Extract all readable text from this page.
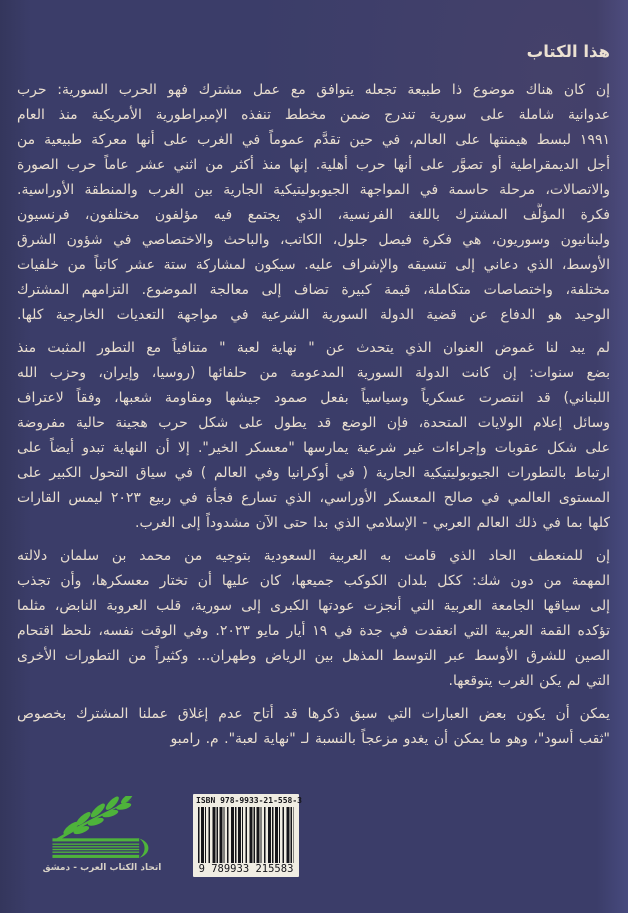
هذا الكتاب
إن كان هناك موضوع ذا طبيعة تجعله يتوافق مع عمل مشترك فهو الحرب السورية: حرب
عدوانية شاملة على سورية تندرج ضمن مخطط تنفذه الإمبراطورية الأمريكية منذ العام
١٩٩١ لبسط هيمنتها على العالم، في حين تقدَّم عموماً في الغرب على أنها معركة طبيعية من
أجل الديمقراطية أو تصوَّر على أنها حرب أهلية. إنها منذ أكثر من اثني عشر عاماً حرب الصورة
والاتصالات، مرحلة حاسمة في المواجهة الجيوبوليتيكية الجارية بين الغرب والمنطقة الأوراسية.
فكرة المؤلَّف المشترك باللغة الفرنسية، الذي يجتمع فيه مؤلفون مختلفون، فرنسيون
ولبنانيون وسوريون، هي فكرة فيصل جلول، الكاتب، والباحث والاختصاصي في شؤون الشرق
الأوسط، الذي دعاني إلى تنسيقه والإشراف عليه. سيكون لمشاركة ستة عشر كاتباً من خلفيات
مختلفة، واختصاصات متكاملة، قيمة كبيرة تضاف إلى معالجة الموضوع. التزامهم المشترك
الوحيد هو الدفاع عن قضية الدولة السورية الشرعية في مواجهة التعديات الخارجية كلها.
لم يبد لنا غموض العنوان الذي يتحدث عن " نهاية لعبة " متنافياً مع التطور المثبت منذ
بضع سنوات: إن كانت الدولة السورية المدعومة من حلفائها (روسيا، وإيران، وحزب الله
اللبناني) قد انتصرت عسكرياً وسياسياً بفعل صمود جيشها ومقاومة شعبها، وفقاً لاعتراف
وسائل إعلام الولايات المتحدة، فإن الوضع قد يطول على شكل حرب هجينة حالية مفروضة
على شكل عقوبات وإجراءات غير شرعية يمارسها "معسكر الخير". إلا أن النهاية تبدو أيضاً على
ارتباط بالتطورات الجيوبوليتيكية الجارية ( في أوكرانيا وفي العالم ) في سياق التحول الكبير على
المستوى العالمي في صالح المعسكر الأوراسي، الذي تسارع فجأة في ربيع ٢٠٢٣ ليمس القارات
كلها بما في ذلك العالم العربي - الإسلامي الذي بدا حتى الآن مشدوداً إلى الغرب.
إن للمنعطف الحاد الذي قامت به العربية السعودية بتوجيه من محمد بن سلمان دلالته
المهمة من دون شك: ككل بلدان الكوكب جميعها، كان عليها أن تختار معسكرها، وأن تجذب
إلى سياقها الجامعة العربية التي أنجزت عودتها الكبرى إلى سورية، قلب العروبة النابض، مثلما
تؤكده القمة العربية التي انعقدت في جدة في ١٩ أيار مايو ٢٠٢٣. وفي الوقت نفسه، نلحظ اقتحام
الصين للشرق الأوسط عبر التوسط المذهل بين الرياض وطهران... وكثيراً من التطورات الأخرى
التي لم يكن الغرب يتوقعها.
يمكن أن يكون بعض العبارات التي سبق ذكرها قد أتاح عدم إغلاق عملنا المشترك بخصوص
"ثقب أسود"، وهو ما يمكن أن يغدو مزعجاً بالنسبة لـ "نهاية لعبة". م. رامبو
اتحاد الكتاب العرب - دمشق
ISBN 978-9933-21-558-3
9 789933 215583
